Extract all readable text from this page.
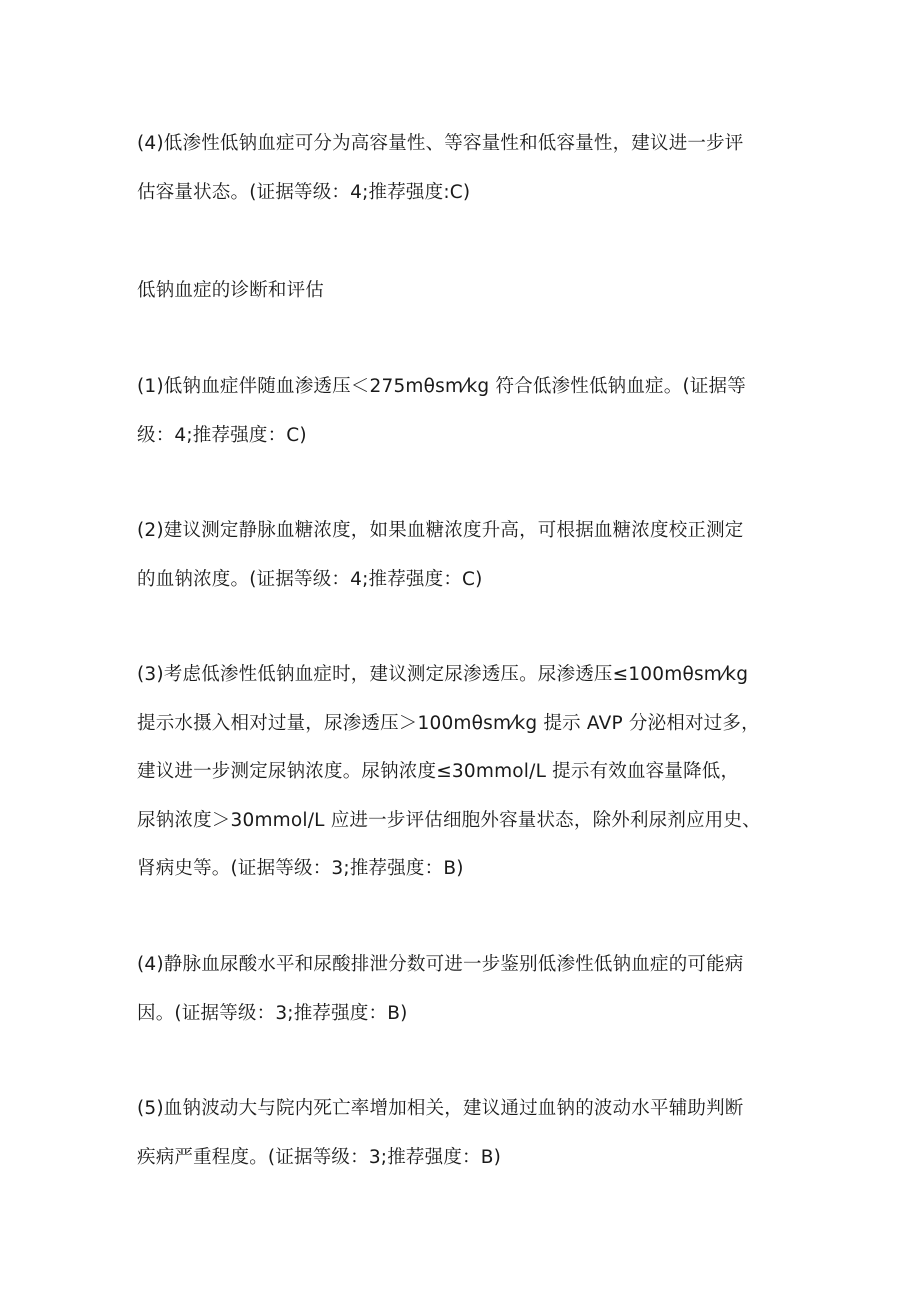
(4)低渗性低钠血症可分为高容量性、等容量性和低容量性，建议进一步评
估容量状态。(证据等级：4;推荐强度:C)

低钠血症的诊断和评估

(1)低钠血症伴随血渗透压＜275mθsm⁄kg 符合低渗性低钠血症。(证据等
级：4;推荐强度：C)

(2)建议测定静脉血糖浓度，如果血糖浓度升高，可根据血糖浓度校正测定
的血钠浓度。(证据等级：4;推荐强度：C)

(3)考虑低渗性低钠血症时，建议测定尿渗透压。尿渗透压≤100mθsm⁄kg
提示水摄入相对过量，尿渗透压＞100mθsm⁄kg 提示 AVP 分泌相对过多，
建议进一步测定尿钠浓度。尿钠浓度≤30mmol/L 提示有效血容量降低，
尿钠浓度＞30mmol/L 应进一步评估细胞外容量状态，除外利尿剂应用史、
肾病史等。(证据等级：3;推荐强度：B)

(4)静脉血尿酸水平和尿酸排泄分数可进一步鉴别低渗性低钠血症的可能病
因。(证据等级：3;推荐强度：B)

(5)血钠波动大与院内死亡率增加相关，建议通过血钠的波动水平辅助判断
疾病严重程度。(证据等级：3;推荐强度：B)
